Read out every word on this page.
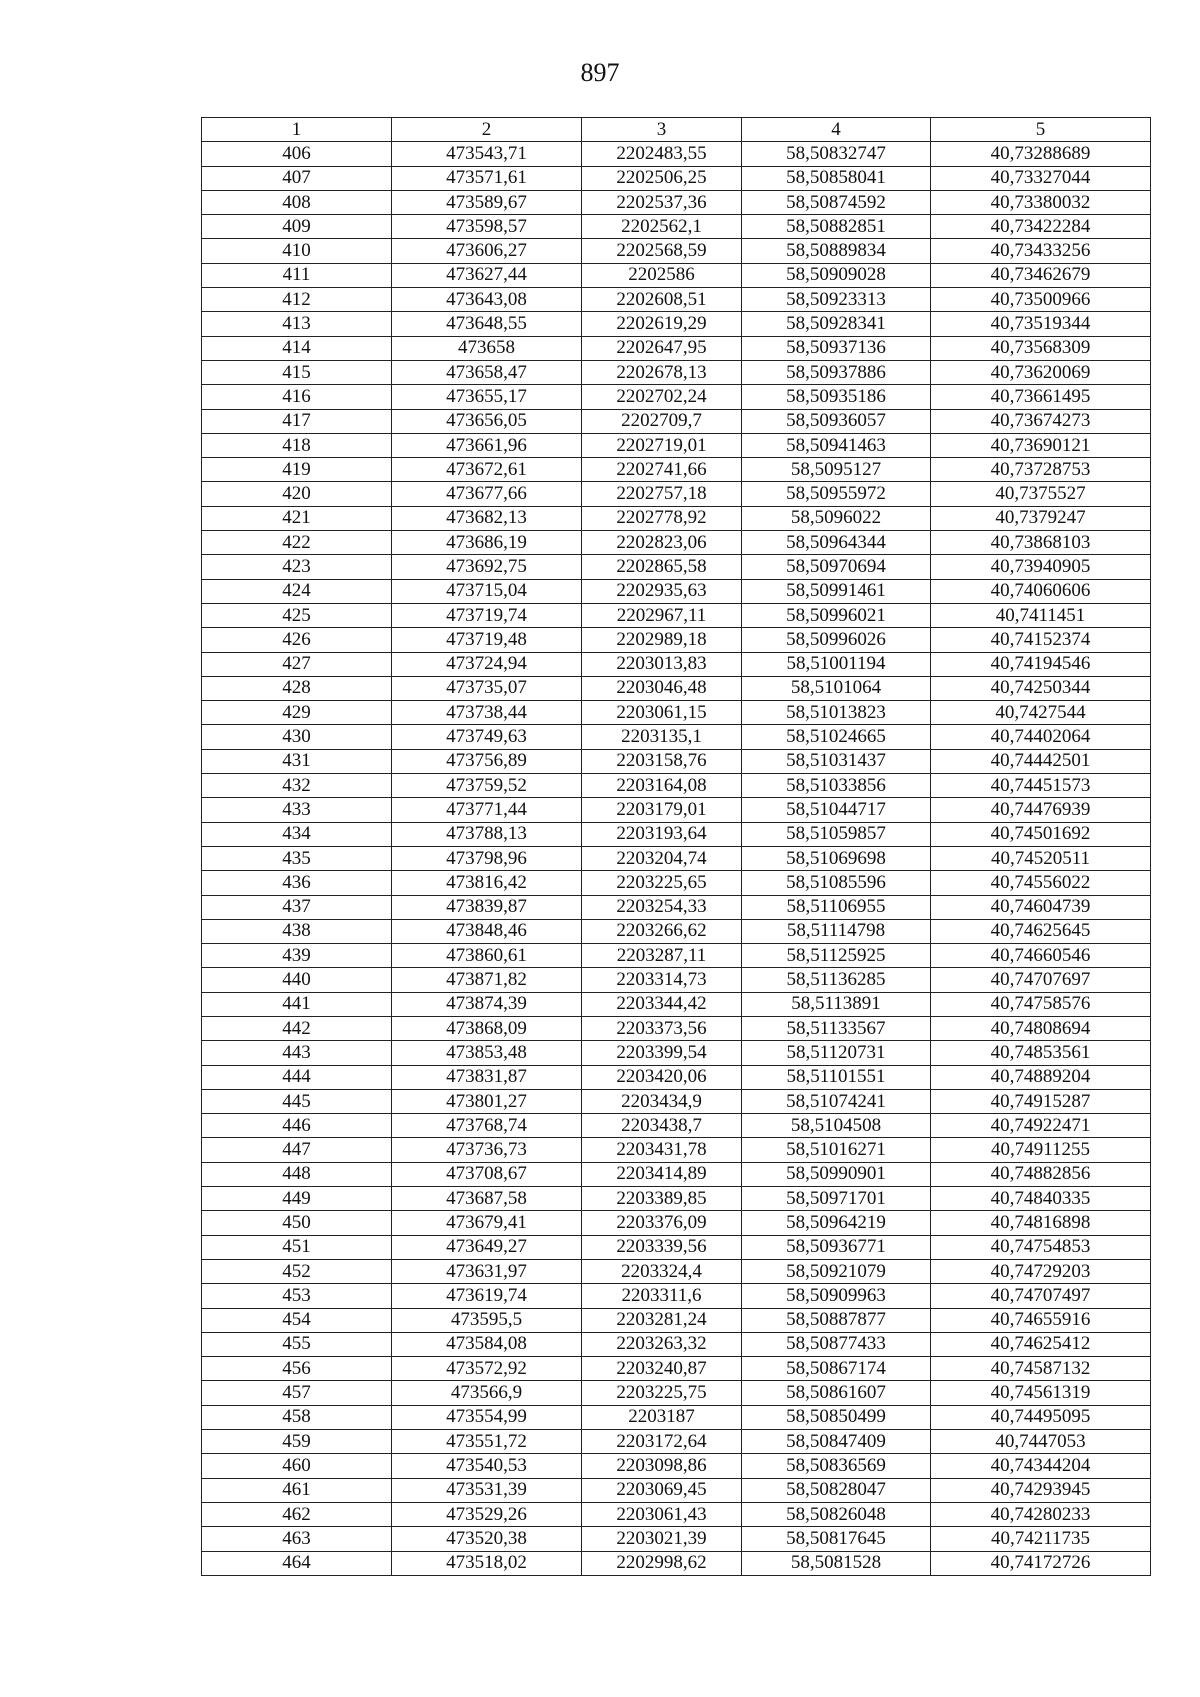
897
1	2	3	4	5
406	473543,71	2202483,55	58,50832747	40,73288689
407	473571,61	2202506,25	58,50858041	40,73327044
408	473589,67	2202537,36	58,50874592	40,73380032
409	473598,57	2202562,1	58,50882851	40,73422284
410	473606,27	2202568,59	58,50889834	40,73433256
411	473627,44	2202586	58,50909028	40,73462679
412	473643,08	2202608,51	58,50923313	40,73500966
413	473648,55	2202619,29	58,50928341	40,73519344
414	473658	2202647,95	58,50937136	40,73568309
415	473658,47	2202678,13	58,50937886	40,73620069
416	473655,17	2202702,24	58,50935186	40,73661495
417	473656,05	2202709,7	58,50936057	40,73674273
418	473661,96	2202719,01	58,50941463	40,73690121
419	473672,61	2202741,66	58,5095127	40,73728753
420	473677,66	2202757,18	58,50955972	40,7375527
421	473682,13	2202778,92	58,5096022	40,7379247
422	473686,19	2202823,06	58,50964344	40,73868103
423	473692,75	2202865,58	58,50970694	40,73940905
424	473715,04	2202935,63	58,50991461	40,74060606
425	473719,74	2202967,11	58,50996021	40,7411451
426	473719,48	2202989,18	58,50996026	40,74152374
427	473724,94	2203013,83	58,51001194	40,74194546
428	473735,07	2203046,48	58,5101064	40,74250344
429	473738,44	2203061,15	58,51013823	40,7427544
430	473749,63	2203135,1	58,51024665	40,74402064
431	473756,89	2203158,76	58,51031437	40,74442501
432	473759,52	2203164,08	58,51033856	40,74451573
433	473771,44	2203179,01	58,51044717	40,74476939
434	473788,13	2203193,64	58,51059857	40,74501692
435	473798,96	2203204,74	58,51069698	40,74520511
436	473816,42	2203225,65	58,51085596	40,74556022
437	473839,87	2203254,33	58,51106955	40,74604739
438	473848,46	2203266,62	58,51114798	40,74625645
439	473860,61	2203287,11	58,51125925	40,74660546
440	473871,82	2203314,73	58,51136285	40,74707697
441	473874,39	2203344,42	58,5113891	40,74758576
442	473868,09	2203373,56	58,51133567	40,74808694
443	473853,48	2203399,54	58,51120731	40,74853561
444	473831,87	2203420,06	58,51101551	40,74889204
445	473801,27	2203434,9	58,51074241	40,74915287
446	473768,74	2203438,7	58,5104508	40,74922471
447	473736,73	2203431,78	58,51016271	40,74911255
448	473708,67	2203414,89	58,50990901	40,74882856
449	473687,58	2203389,85	58,50971701	40,74840335
450	473679,41	2203376,09	58,50964219	40,74816898
451	473649,27	2203339,56	58,50936771	40,74754853
452	473631,97	2203324,4	58,50921079	40,74729203
453	473619,74	2203311,6	58,50909963	40,74707497
454	473595,5	2203281,24	58,50887877	40,74655916
455	473584,08	2203263,32	58,50877433	40,74625412
456	473572,92	2203240,87	58,50867174	40,74587132
457	473566,9	2203225,75	58,50861607	40,74561319
458	473554,99	2203187	58,50850499	40,74495095
459	473551,72	2203172,64	58,50847409	40,7447053
460	473540,53	2203098,86	58,50836569	40,74344204
461	473531,39	2203069,45	58,50828047	40,74293945
462	473529,26	2203061,43	58,50826048	40,74280233
463	473520,38	2203021,39	58,50817645	40,74211735
464	473518,02	2202998,62	58,5081528	40,74172726
